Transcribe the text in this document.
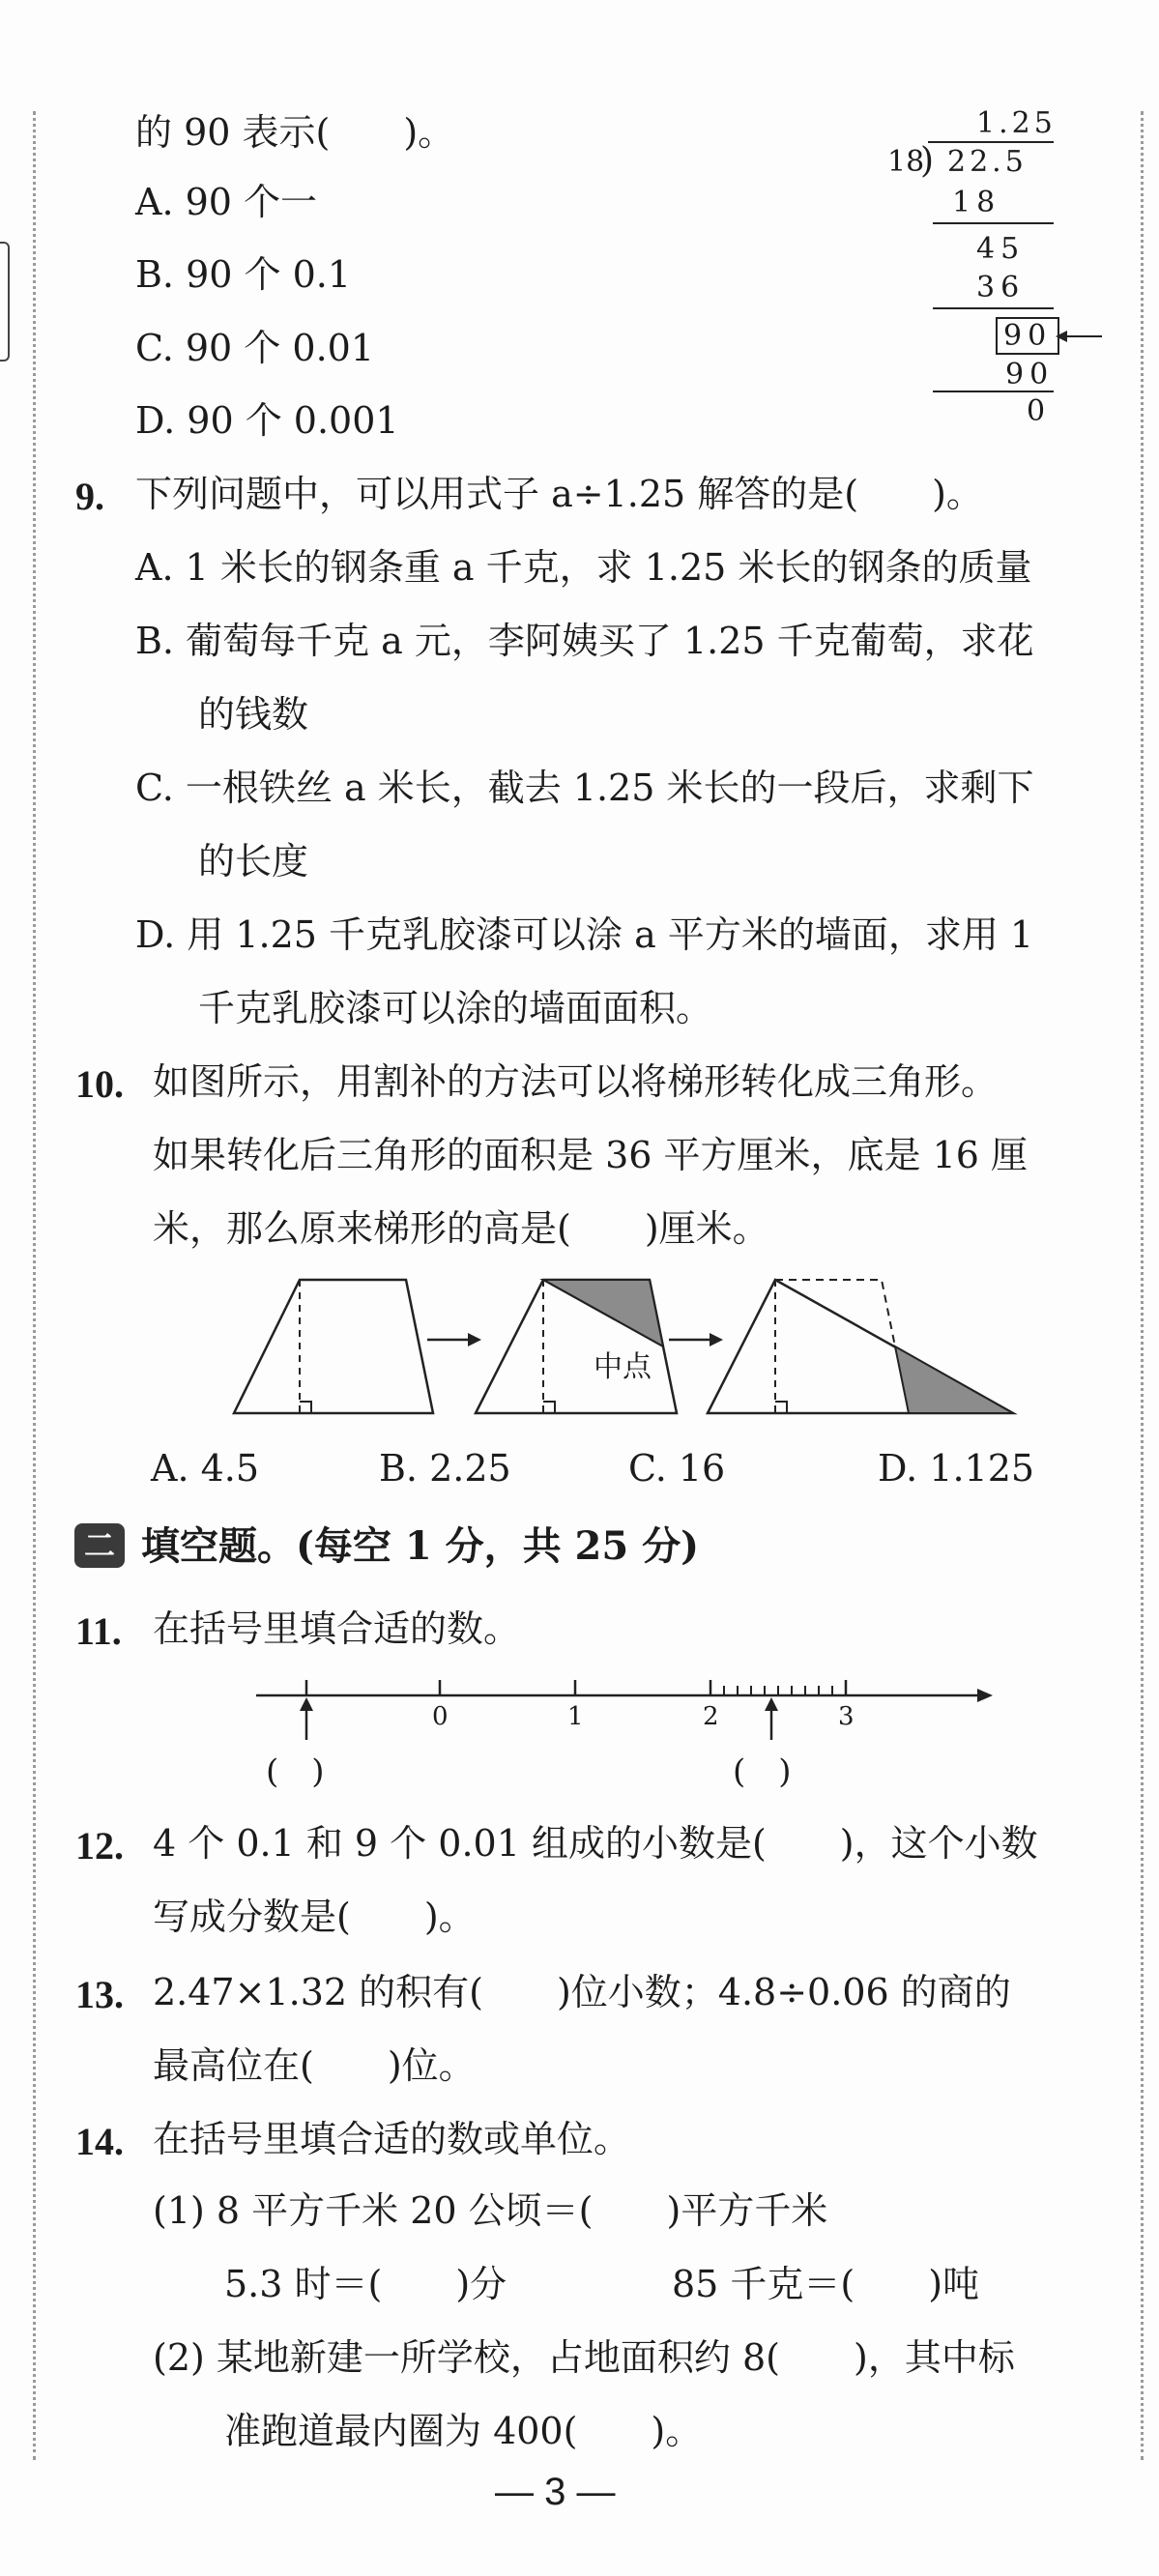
的 90 表示(　　)。
A. 90 个一
B. 90 个 0.1
C. 90 个 0.01
D. 90 个 0.001
1.25
18
) 22.5
18
45
36
90
90
0
9. 下列问题中，可以用式子 a÷1.25 解答的是(　　)。
A. 1 米长的钢条重 a 千克，求 1.25 米长的钢条的质量
B. 葡萄每千克 a 元，李阿姨买了 1.25 千克葡萄，求花
的钱数
C. 一根铁丝 a 米长，截去 1.25 米长的一段后，求剩下
的长度
D. 用 1.25 千克乳胶漆可以涂 a 平方米的墙面，求用 1
千克乳胶漆可以涂的墙面面积。
10. 如图所示，用割补的方法可以将梯形转化成三角形。
如果转化后三角形的面积是 36 平方厘米，底是 16 厘
米，那么原来梯形的高是(　　)厘米。
中点
A. 4.5	B. 2.25	C. 16	D. 1.125
二 填空题。(每空 1 分，共 25 分)
11. 在括号里填合适的数。
0	1	2	3
(　)	(　)
12. 4 个 0.1 和 9 个 0.01 组成的小数是(　　)，这个小数
写成分数是(　　)。
13. 2.47×1.32 的积有(　　)位小数；4.8÷0.06 的商的
最高位在(　　)位。
14. 在括号里填合适的数或单位。
(1) 8 平方千米 20 公顷＝(　　)平方千米
5.3 时＝(　　)分	85 千克＝(　　)吨
(2) 某地新建一所学校，占地面积约 8(　　)，其中标
准跑道最内圈为 400(　　)。
— 3 —
